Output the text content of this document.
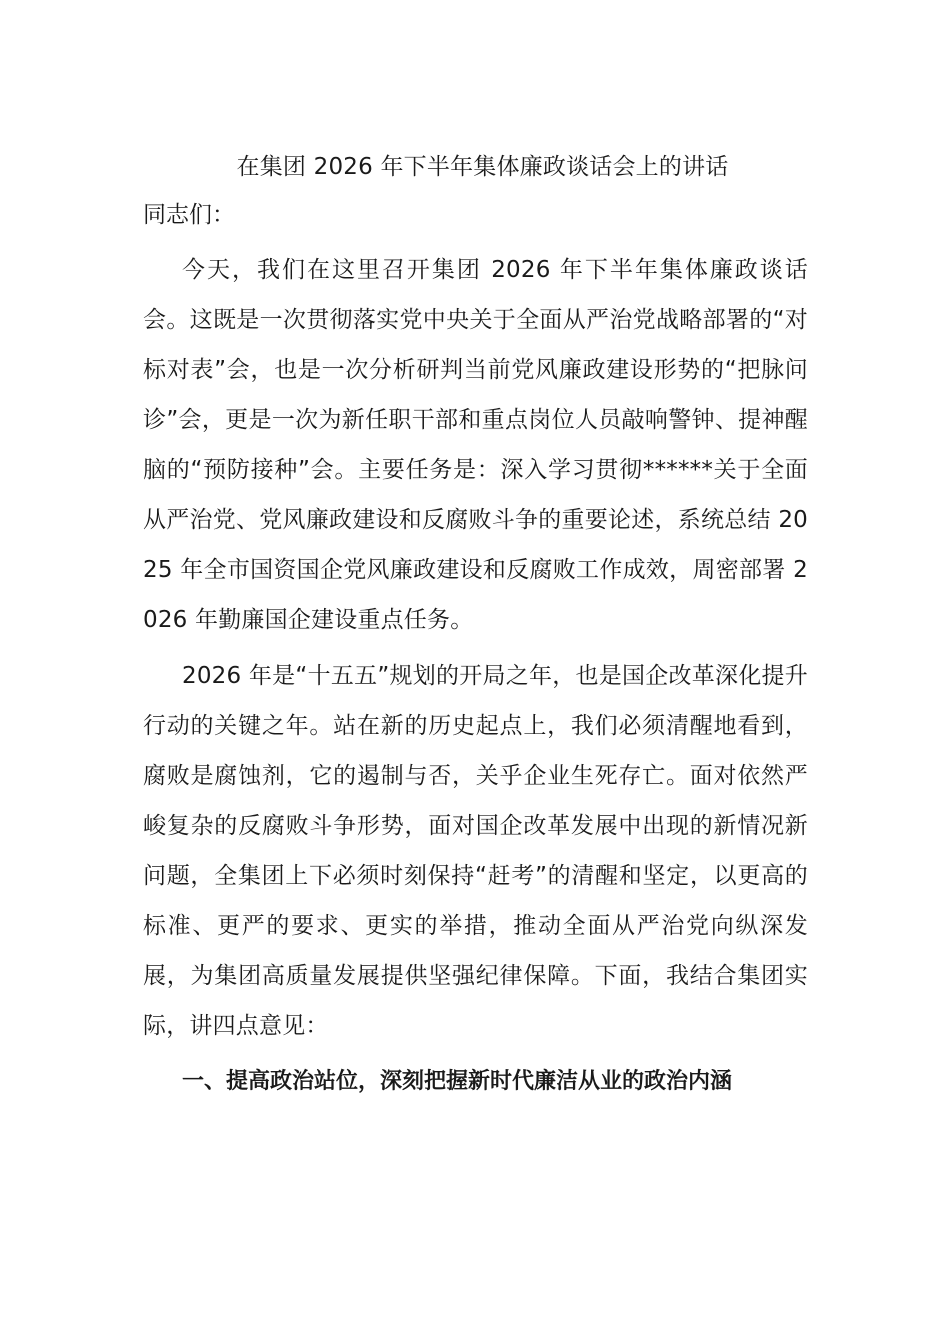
在集团 2026 年下半年集体廉政谈话会上的讲话

同志们：

今天，我们在这里召开集团 2026 年下半年集体廉政谈话会。这既是一次贯彻落实党中央关于全面从严治党战略部署的“对标对表”会，也是一次分析研判当前党风廉政建设形势的“把脉问诊”会，更是一次为新任职干部和重点岗位人员敲响警钟、提神醒脑的“预防接种”会。主要任务是：深入学习贯彻******关于全面从严治党、党风廉政建设和反腐败斗争的重要论述，系统总结 2025 年全市国资国企党风廉政建设和反腐败工作成效，周密部署 2026 年勤廉国企建设重点任务。

2026 年是“十五五”规划的开局之年，也是国企改革深化提升行动的关键之年。站在新的历史起点上，我们必须清醒地看到，腐败是腐蚀剂，它的遏制与否，关乎企业生死存亡。面对依然严峻复杂的反腐败斗争形势，面对国企改革发展中出现的新情况新问题，全集团上下必须时刻保持“赶考”的清醒和坚定，以更高的标准、更严的要求、更实的举措，推动全面从严治党向纵深发展，为集团高质量发展提供坚强纪律保障。下面，我结合集团实际，讲四点意见：

一、提高政治站位，深刻把握新时代廉洁从业的政治内涵
